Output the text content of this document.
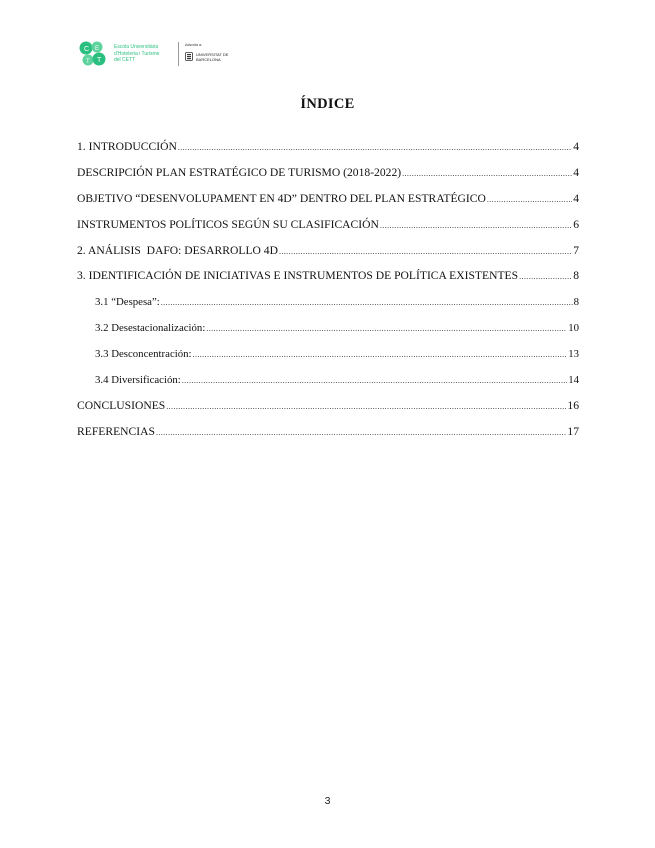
C E
T T
Escola Universitària
d'Hoteleria i Turisme
del CETT
Adscrita a:
UNIVERSITAT DE
BARCELONA
ÍNDICE
1. INTRODUCCIÓN .....	4
DESCRIPCIÓN PLAN ESTRATÉGICO DE TURISMO (2018-2022) .....	4
OBJETIVO “DESENVOLUPAMENT EN 4D” DENTRO DEL PLAN ESTRATÉGICO .....	4
INSTRUMENTOS POLÍTICOS SEGÚN SU CLASIFICACIÓN .....	6
2. ANÁLISIS  DAFO: DESARROLLO 4D .....	7
3. IDENTIFICACIÓN DE INICIATIVAS E INSTRUMENTOS DE POLÍTICA EXISTENTES .....	8
3.1 “Despesa”: .....	8
3.2 Desestacionalización: .....	10
3.3 Desconcentración: .....	13
3.4 Diversificación: .....	14
CONCLUSIONES .....	16
REFERENCIAS .....	17
3
